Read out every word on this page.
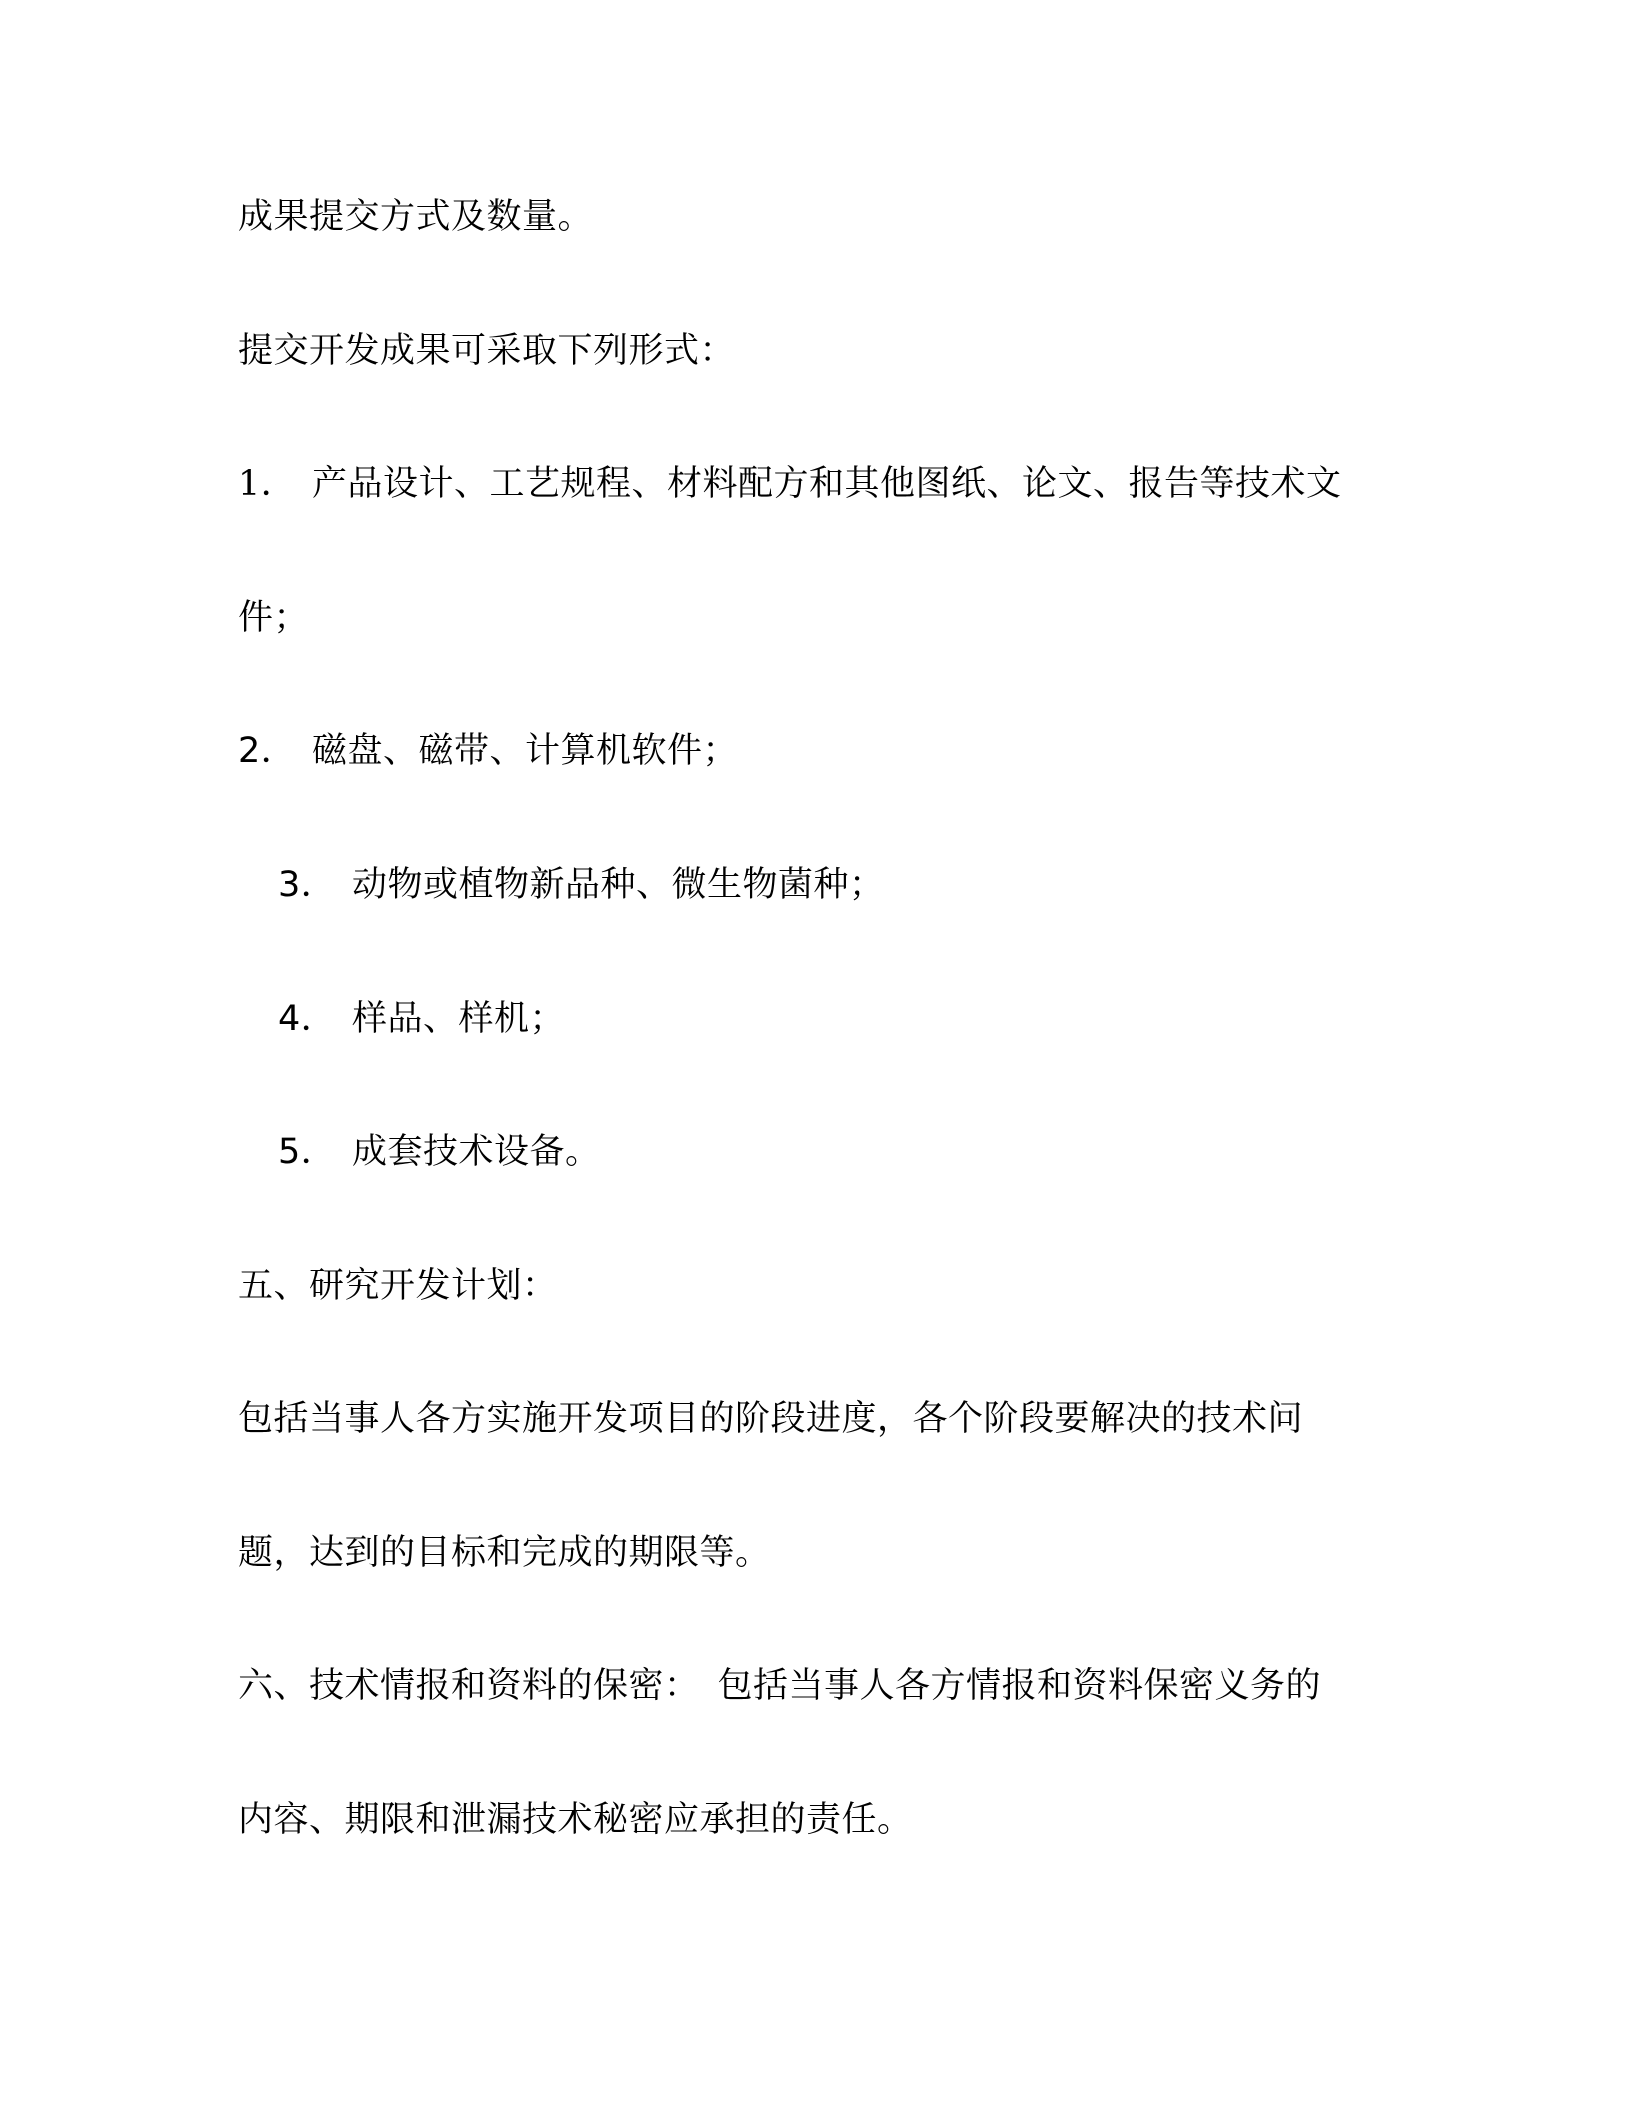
成果提交方式及数量。
提交开发成果可采取下列形式：
1． 产品设计、工艺规程、材料配方和其他图纸、论文、报告等技术文
件；
2． 磁盘、磁带、计算机软件；
3． 动物或植物新品种、微生物菌种；
4． 样品、样机；
5． 成套技术设备。
五、研究开发计划：
包括当事人各方实施开发项目的阶段进度，各个阶段要解决的技术问
题，达到的目标和完成的期限等。
六、技术情报和资料的保密：　包括当事人各方情报和资料保密义务的
内容、期限和泄漏技术秘密应承担的责任。
